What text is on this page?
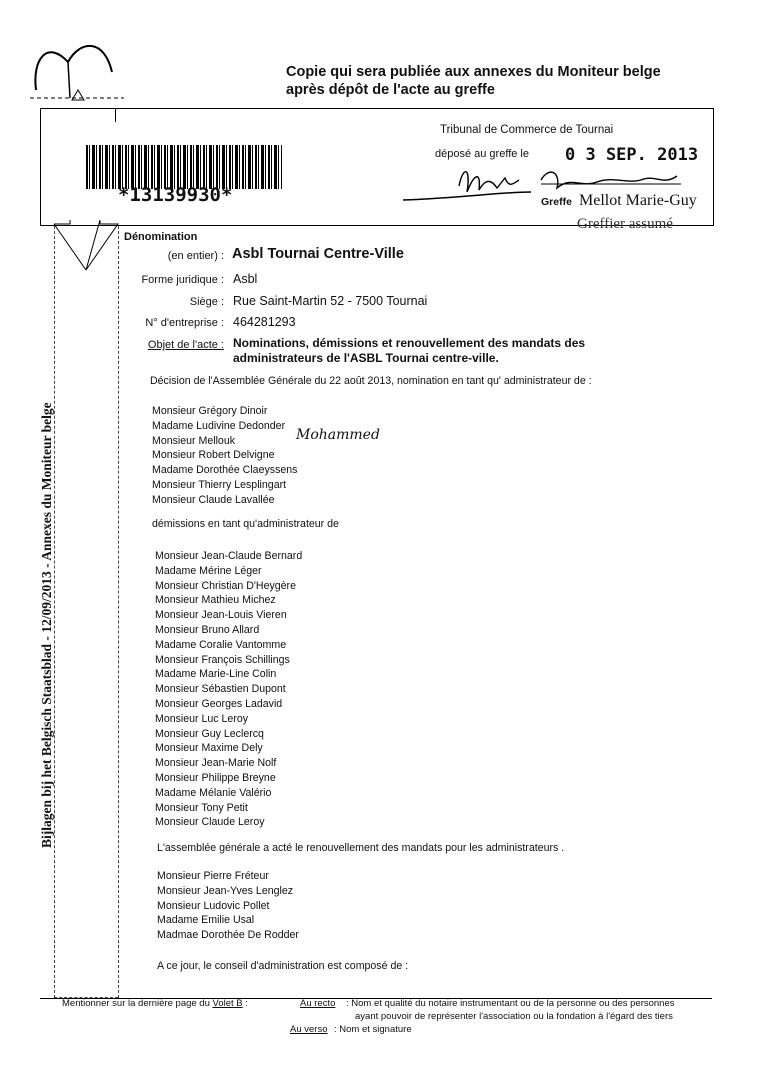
Copie qui sera publiée aux annexes du Moniteur belge
après dépôt de l'acte au greffe
*13139930*
Tribunal de Commerce de Tournai
déposé au greffe le 0 3 SEP. 2013
Greffe Mellot Marie-Guy
Greffier assumé
Bijlagen bij het Belgisch Staatsblad - 12/09/2013 - Annexes du Moniteur belge
Dénomination
(en entier) : Asbl Tournai Centre-Ville
Forme juridique : Asbl
Siège : Rue Saint-Martin 52 - 7500 Tournai
N° d'entreprise : 464281293
Objet de l'acte : Nominations, démissions et renouvellement des mandats des
administrateurs de l'ASBL Tournai centre-ville.
Décision de l'Assemblée Générale du 22 août 2013, nomination en tant qu' administrateur de :
Monsieur Grégory Dinoir
Madame Ludivine Dedonder
Monsieur Mellouk
Monsieur Robert Delvigne
Madame Dorothée Claeyssens
Monsieur Thierry Lesplingart
Monsieur Claude Lavallée
Mohammed
démissions en tant qu'administrateur de
Monsieur Jean-Claude Bernard
Madame Mérine Léger
Monsieur Christian D'Heygère
Monsieur Mathieu Michez
Monsieur Jean-Louis Vieren
Monsieur Bruno Allard
Madame Coralie Vantomme
Monsieur François Schillings
Madame Marie-Line Colin
Monsieur Sébastien Dupont
Monsieur Georges Ladavid
Monsieur Luc Leroy
Monsieur Guy Leclercq
Monsieur Maxime Dely
Monsieur Jean-Marie Nolf
Monsieur Philippe Breyne
Madame Mélanie Valério
Monsieur Tony Petit
Monsieur Claude Leroy
L'assemblée générale a acté le renouvellement des mandats pour les administrateurs .
Monsieur Pierre Fréteur
Monsieur Jean-Yves Lenglez
Monsieur Ludovic Pollet
Madame Emilie Usal
Madmae Dorothée De Rodder
A ce jour, le conseil d'administration est composé de :
Mentionner sur la dernière page du Volet B :	Au recto : Nom et qualité du notaire instrumentant ou de la personne ou des personnes
ayant pouvoir de représenter l'association ou la fondation à l'égard des tiers
Au verso : Nom et signature
